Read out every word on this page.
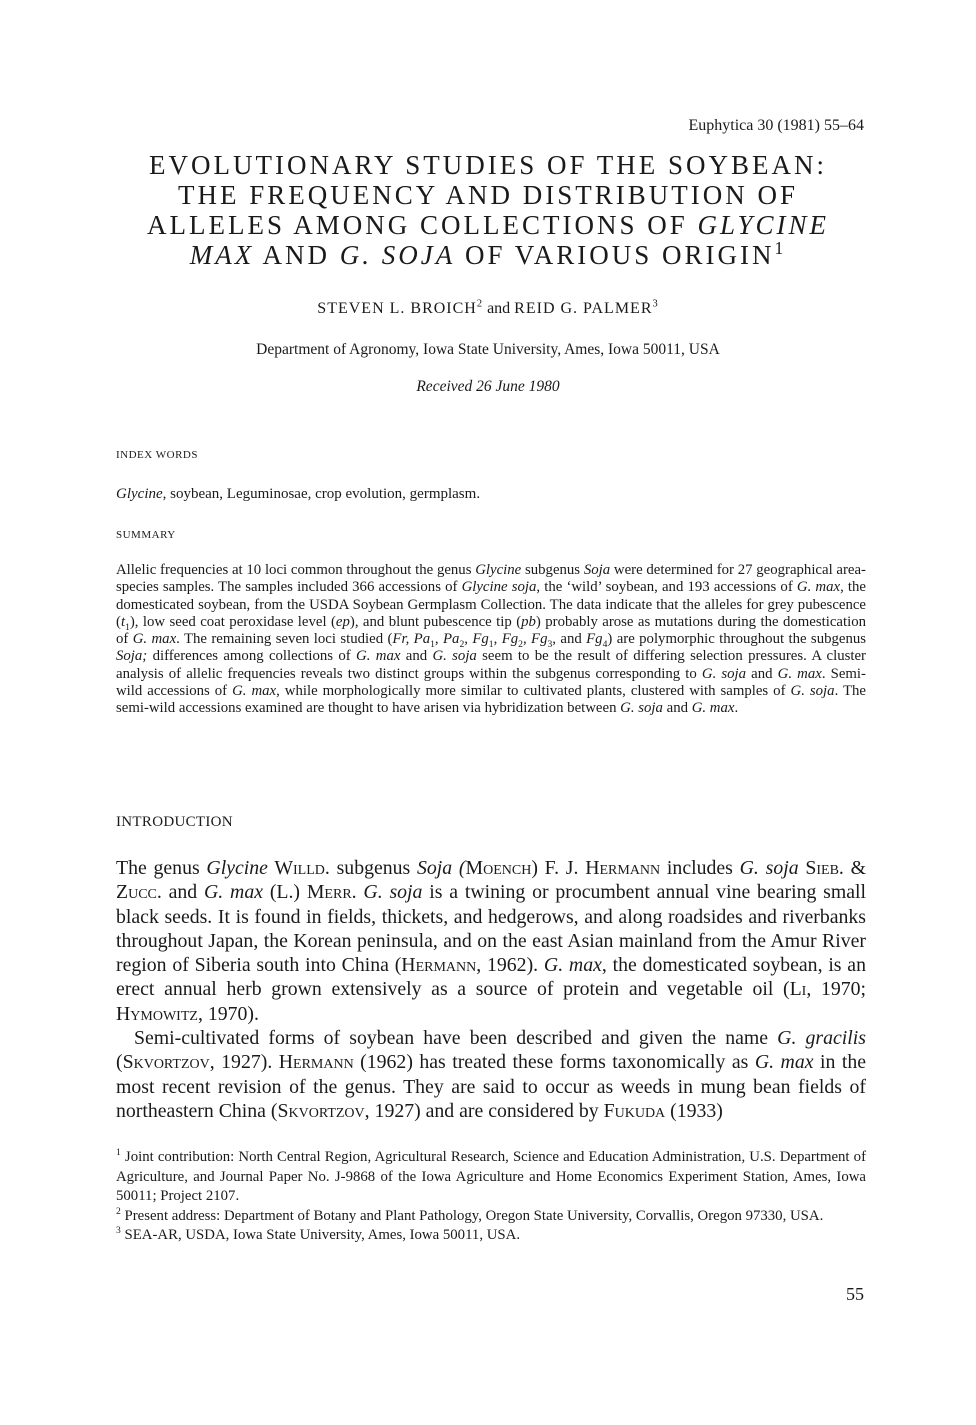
Euphytica 30 (1981) 55–64
EVOLUTIONARY STUDIES OF THE SOYBEAN:
THE FREQUENCY AND DISTRIBUTION OF
ALLELES AMONG COLLECTIONS OF GLYCINE
MAX AND G. SOJA OF VARIOUS ORIGIN$^1$
STEVEN L. BROICH$^2$ and REID G. PALMER$^3$
Department of Agronomy, Iowa State University, Ames, Iowa 50011, USA
Received 26 June 1980
INDEX WORDS
Glycine, soybean, Leguminosae, crop evolution, germplasm.
SUMMARY
Allelic frequencies at 10 loci common throughout the genus Glycine subgenus Soja were determined for 27 geographical area-species samples. The samples included 366 accessions of Glycine soja, the ‘wild’ soybean, and 193 accessions of G. max, the domesticated soybean, from the USDA Soybean Germplasm Collection. The data indicate that the alleles for grey pubescence $(t_1)$, low seed coat peroxidase level (ep), and blunt pubescence tip (pb) probably arose as mutations during the domestication of G. max. The remaining seven loci studied (Fr, $Pa_1$, $Pa_2$, $Fg_1$, $Fg_2$, $Fg_3$, and $Fg_4$) are polymorphic throughout the subgenus Soja; differences among collections of G. max and G. soja seem to be the result of differing selection pressures. A cluster analysis of allelic frequencies reveals two distinct groups within the subgenus corresponding to G. soja and G. max. Semi-wild accessions of G. max, while morphologically more similar to cultivated plants, clustered with samples of G. soja. The semi-wild accessions examined are thought to have arisen via hybridization between G. soja and G. max.
INTRODUCTION

The genus Glycine Willd. subgenus Soja (Moench) F. J. Hermann includes G. soja Sieb. & Zucc. and G. max (L.) Merr. G. soja is a twining or procumbent annual vine bearing small black seeds. It is found in fields, thickets, and hedgerows, and along roadsides and riverbanks throughout Japan, the Korean peninsula, and on the east Asian mainland from the Amur River region of Siberia south into China (Hermann, 1962). G. max, the domesticated soybean, is an erect annual herb grown extensively as a source of protein and vegetable oil (Li, 1970; Hymowitz, 1970).

Semi-cultivated forms of soybean have been described and given the name G. gracilis (Skvortzov, 1927). Hermann (1962) has treated these forms taxonomically as G. max in the most recent revision of the genus. They are said to occur as weeds in mung bean fields of northeastern China (Skvortzov, 1927) and are considered by Fukuda (1933)

$^1$ Joint contribution: North Central Region, Agricultural Research, Science and Education Administration, U.S. Department of Agriculture, and Journal Paper No. J-9868 of the Iowa Agriculture and Home Economics Experiment Station, Ames, Iowa 50011; Project 2107.

$^2$ Present address: Department of Botany and Plant Pathology, Oregon State University, Corvallis, Oregon 97330, USA.

$^3$ SEA-AR, USDA, Iowa State University, Ames, Iowa 50011, USA.

55
